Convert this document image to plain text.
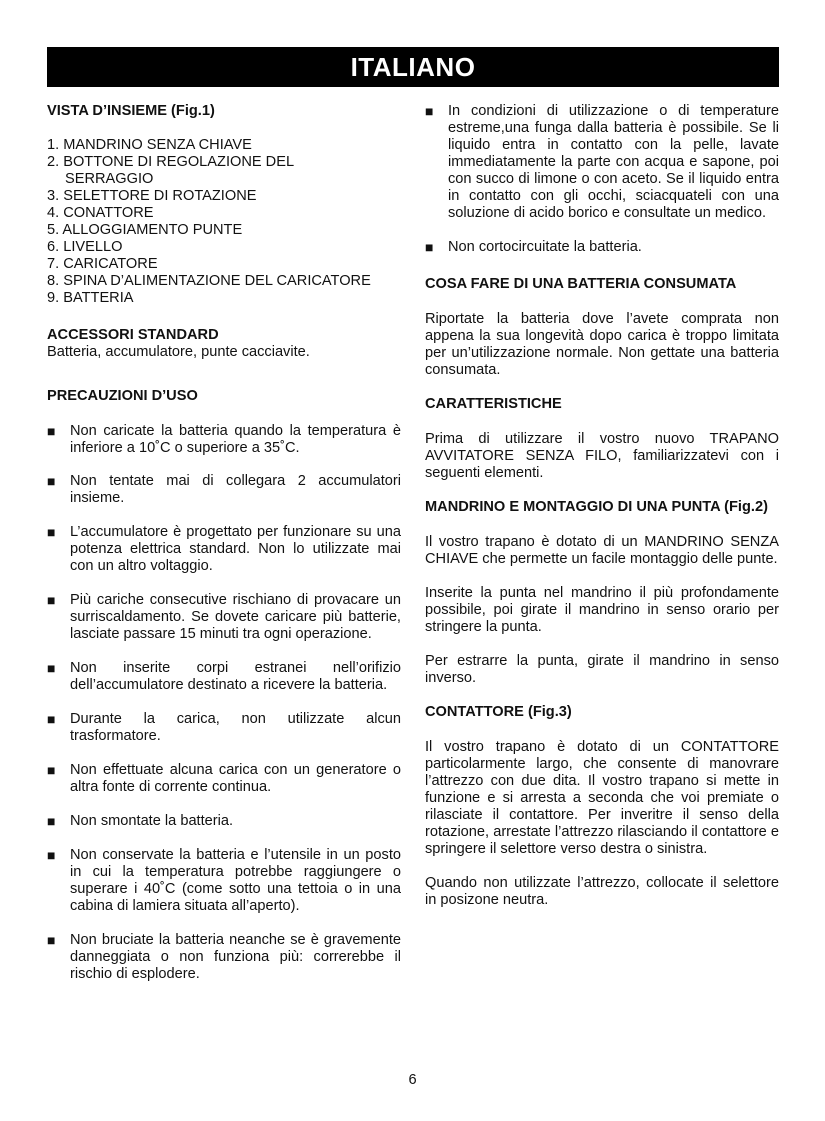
ITALIANO
VISTA D’INSIEME (Fig.1)
1. MANDRINO SENZA CHIAVE
2. BOTTONE DI REGOLAZIONE DEL
SERRAGGIO
3. SELETTORE DI ROTAZIONE
4. CONATTORE
5. ALLOGGIAMENTO PUNTE
6. LIVELLO
7. CARICATORE
8. SPINA D’ALIMENTAZIONE DEL CARICATORE
9. BATTERIA
ACCESSORI STANDARD

Batteria, accumulatore, punte cacciavite.

PRECAUZIONI D’USO
■ Non caricate la batteria quando la temperatura è inferiore a 10˚C o superiore a 35˚C.
■ Non tentate mai di collegara 2 accumulatori insieme.
■ L’accumulatore è progettato per funzionare su una potenza elettrica standard. Non lo utilizzate mai con un altro voltaggio.
■ Più cariche consecutive rischiano di provacare un surriscaldamento. Se dovete caricare più batterie, lasciate passare 15 minuti tra ogni operazione.
■ Non inserite corpi estranei nell’orifizio dell’accumulatore destinato a ricevere la batteria.
■ Durante la carica, non utilizzate alcun trasformatore.
■ Non effettuate alcuna carica con un generatore o altra fonte di corrente continua.
■ Non smontate la batteria.
■ Non conservate la batteria e l’utensile in un posto in cui la temperatura potrebbe raggiungere o superare i 40˚C (come sotto una tettoia o in una cabina di lamiera situata all’aperto).
■ Non bruciate la batteria neanche se è gravemente danneggiata o non funziona più: correrebbe il rischio di esplodere.
■ In condizioni di utilizzazione o di temperature estreme,una funga dalla batteria è possibile. Se li liquido entra in contatto con la pelle, lavate immediatamente la parte con acqua e sapone, poi con succo di limone o con aceto. Se il liquido entra in contatto con gli occhi, sciacquateli con una soluzione di acido borico e consultate un medico.
■ Non cortocircuitate la batteria.
COSA FARE DI UNA BATTERIA CONSUMATA

Riportate la batteria dove l’avete comprata non appena la sua longevità dopo carica è troppo limitata per un’utilizzazione normale. Non gettate una batteria consumata.

CARATTERISTICHE

Prima di utilizzare il vostro nuovo TRAPANO AVVITATORE SENZA FILO, familiarizzatevi con i seguenti elementi.

MANDRINO E MONTAGGIO DI UNA PUNTA (Fig.2)

Il vostro trapano è dotato di un MANDRINO SENZA CHIAVE che permette un facile montaggio delle punte.

Inserite la punta nel mandrino il più profondamente possibile, poi girate il mandrino in senso orario per stringere la punta.

Per estrarre la punta, girate il mandrino in senso inverso.

CONTATTORE (Fig.3)

Il vostro trapano è dotato di un CONTATTORE particolarmente largo, che consente di manovrare l’attrezzo con due dita. Il vostro trapano si mette in funzione e si arresta a seconda che voi premiate o rilasciate il contattore. Per inveritre il senso della rotazione, arrestate l’attrezzo rilasciando il contattore e springere il selettore verso destra o sinistra.

Quando non utilizzate l’attrezzo, collocate il selettore in posizone neutra.

6
